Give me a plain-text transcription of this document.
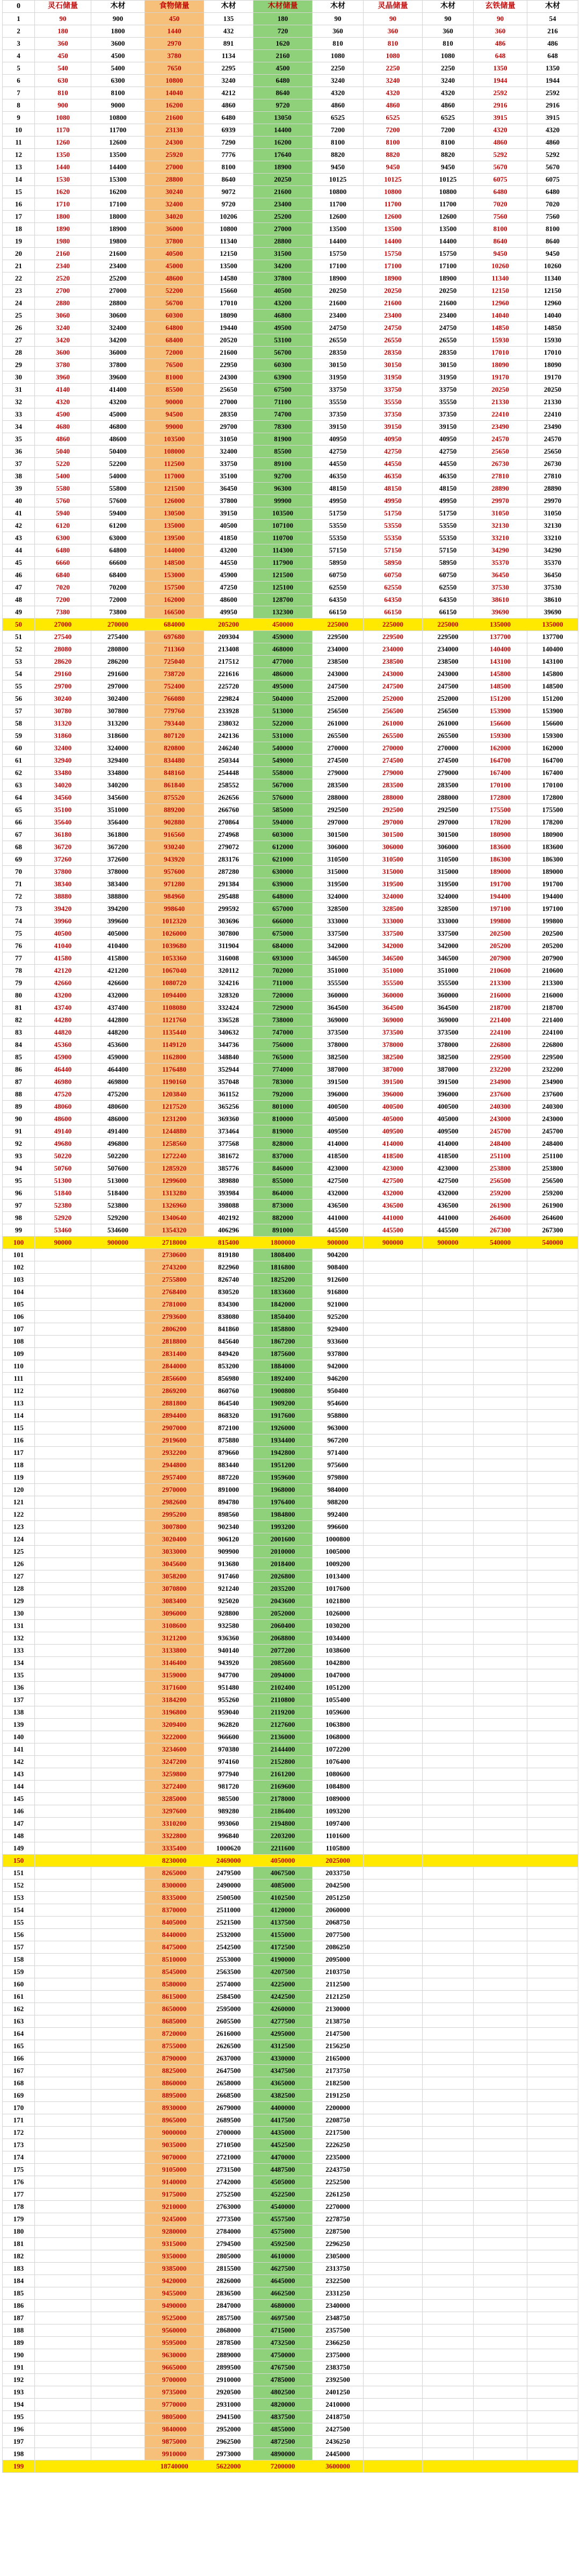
0	灵石储量	木材	食物储量	木材	木材储量	木材	灵晶储量	木材	玄铁储量	木材
1	90	900	450	135	180	90	90	90	90	54
2	180	1800	1440	432	720	360	360	360	360	216
3	360	3600	2970	891	1620	810	810	810	486	486
4	450	4500	3780	1134	2160	1080	1080	1080	648	648
5	540	5400	7650	2295	4500	2250	2250	2250	1350	1350
6	630	6300	10800	3240	6480	3240	3240	3240	1944	1944
7	810	8100	14040	4212	8640	4320	4320	4320	2592	2592
8	900	9000	16200	4860	9720	4860	4860	4860	2916	2916
9	1080	10800	21600	6480	13050	6525	6525	6525	3915	3915
10	1170	11700	23130	6939	14400	7200	7200	7200	4320	4320
11	1260	12600	24300	7290	16200	8100	8100	8100	4860	4860
12	1350	13500	25920	7776	17640	8820	8820	8820	5292	5292
13	1440	14400	27000	8100	18900	9450	9450	9450	5670	5670
14	1530	15300	28800	8640	20250	10125	10125	10125	6075	6075
15	1620	16200	30240	9072	21600	10800	10800	10800	6480	6480
16	1710	17100	32400	9720	23400	11700	11700	11700	7020	7020
17	1800	18000	34020	10206	25200	12600	12600	12600	7560	7560
18	1890	18900	36000	10800	27000	13500	13500	13500	8100	8100
19	1980	19800	37800	11340	28800	14400	14400	14400	8640	8640
20	2160	21600	40500	12150	31500	15750	15750	15750	9450	9450
21	2340	23400	45000	13500	34200	17100	17100	17100	10260	10260
22	2520	25200	48600	14580	37800	18900	18900	18900	11340	11340
23	2700	27000	52200	15660	40500	20250	20250	20250	12150	12150
24	2880	28800	56700	17010	43200	21600	21600	21600	12960	12960
25	3060	30600	60300	18090	46800	23400	23400	23400	14040	14040
26	3240	32400	64800	19440	49500	24750	24750	24750	14850	14850
27	3420	34200	68400	20520	53100	26550	26550	26550	15930	15930
28	3600	36000	72000	21600	56700	28350	28350	28350	17010	17010
29	3780	37800	76500	22950	60300	30150	30150	30150	18090	18090
30	3960	39600	81000	24300	63900	31950	31950	31950	19170	19170
31	4140	41400	85500	25650	67500	33750	33750	33750	20250	20250
32	4320	43200	90000	27000	71100	35550	35550	35550	21330	21330
33	4500	45000	94500	28350	74700	37350	37350	37350	22410	22410
34	4680	46800	99000	29700	78300	39150	39150	39150	23490	23490
35	4860	48600	103500	31050	81900	40950	40950	40950	24570	24570
36	5040	50400	108000	32400	85500	42750	42750	42750	25650	25650
37	5220	52200	112500	33750	89100	44550	44550	44550	26730	26730
38	5400	54000	117000	35100	92700	46350	46350	46350	27810	27810
39	5580	55800	121500	36450	96300	48150	48150	48150	28890	28890
40	5760	57600	126000	37800	99900	49950	49950	49950	29970	29970
41	5940	59400	130500	39150	103500	51750	51750	51750	31050	31050
42	6120	61200	135000	40500	107100	53550	53550	53550	32130	32130
43	6300	63000	139500	41850	110700	55350	55350	55350	33210	33210
44	6480	64800	144000	43200	114300	57150	57150	57150	34290	34290
45	6660	66600	148500	44550	117900	58950	58950	58950	35370	35370
46	6840	68400	153000	45900	121500	60750	60750	60750	36450	36450
47	7020	70200	157500	47250	125100	62550	62550	62550	37530	37530
48	7200	72000	162000	48600	128700	64350	64350	64350	38610	38610
49	7380	73800	166500	49950	132300	66150	66150	66150	39690	39690
50	27000	270000	684000	205200	450000	225000	225000	225000	135000	135000
51	27540	275400	697680	209304	459000	229500	229500	229500	137700	137700
52	28080	280800	711360	213408	468000	234000	234000	234000	140400	140400
53	28620	286200	725040	217512	477000	238500	238500	238500	143100	143100
54	29160	291600	738720	221616	486000	243000	243000	243000	145800	145800
55	29700	297000	752400	225720	495000	247500	247500	247500	148500	148500
56	30240	302400	766080	229824	504000	252000	252000	252000	151200	151200
57	30780	307800	779760	233928	513000	256500	256500	256500	153900	153900
58	31320	313200	793440	238032	522000	261000	261000	261000	156600	156600
59	31860	318600	807120	242136	531000	265500	265500	265500	159300	159300
60	32400	324000	820800	246240	540000	270000	270000	270000	162000	162000
61	32940	329400	834480	250344	549000	274500	274500	274500	164700	164700
62	33480	334800	848160	254448	558000	279000	279000	279000	167400	167400
63	34020	340200	861840	258552	567000	283500	283500	283500	170100	170100
64	34560	345600	875520	262656	576000	288000	288000	288000	172800	172800
65	35100	351000	889200	266760	585000	292500	292500	292500	175500	175500
66	35640	356400	902880	270864	594000	297000	297000	297000	178200	178200
67	36180	361800	916560	274968	603000	301500	301500	301500	180900	180900
68	36720	367200	930240	279072	612000	306000	306000	306000	183600	183600
69	37260	372600	943920	283176	621000	310500	310500	310500	186300	186300
70	37800	378000	957600	287280	630000	315000	315000	315000	189000	189000
71	38340	383400	971280	291384	639000	319500	319500	319500	191700	191700
72	38880	388800	984960	295488	648000	324000	324000	324000	194400	194400
73	39420	394200	998640	299592	657000	328500	328500	328500	197100	197100
74	39960	399600	1012320	303696	666000	333000	333000	333000	199800	199800
75	40500	405000	1026000	307800	675000	337500	337500	337500	202500	202500
76	41040	410400	1039680	311904	684000	342000	342000	342000	205200	205200
77	41580	415800	1053360	316008	693000	346500	346500	346500	207900	207900
78	42120	421200	1067040	320112	702000	351000	351000	351000	210600	210600
79	42660	426600	1080720	324216	711000	355500	355500	355500	213300	213300
80	43200	432000	1094400	328320	720000	360000	360000	360000	216000	216000
81	43740	437400	1108080	332424	729000	364500	364500	364500	218700	218700
82	44280	442800	1121760	336528	738000	369000	369000	369000	221400	221400
83	44820	448200	1135440	340632	747000	373500	373500	373500	224100	224100
84	45360	453600	1149120	344736	756000	378000	378000	378000	226800	226800
85	45900	459000	1162800	348840	765000	382500	382500	382500	229500	229500
86	46440	464400	1176480	352944	774000	387000	387000	387000	232200	232200
87	46980	469800	1190160	357048	783000	391500	391500	391500	234900	234900
88	47520	475200	1203840	361152	792000	396000	396000	396000	237600	237600
89	48060	480600	1217520	365256	801000	400500	400500	400500	240300	240300
90	48600	486000	1231200	369360	810000	405000	405000	405000	243000	243000
91	49140	491400	1244880	373464	819000	409500	409500	409500	245700	245700
92	49680	496800	1258560	377568	828000	414000	414000	414000	248400	248400
93	50220	502200	1272240	381672	837000	418500	418500	418500	251100	251100
94	50760	507600	1285920	385776	846000	423000	423000	423000	253800	253800
95	51300	513000	1299600	389880	855000	427500	427500	427500	256500	256500
96	51840	518400	1313280	393984	864000	432000	432000	432000	259200	259200
97	52380	523800	1326960	398088	873000	436500	436500	436500	261900	261900
98	52920	529200	1340640	402192	882000	441000	441000	441000	264600	264600
99	53460	534600	1354320	406296	891000	445500	445500	445500	267300	267300
100	90000	900000	2718000	815400	1800000	900000	900000	900000	540000	540000
101			2730600	819180	1808400	904200				
102			2743200	822960	1816800	908400				
103			2755800	826740	1825200	912600				
104			2768400	830520	1833600	916800				
105			2781000	834300	1842000	921000				
106			2793600	838080	1850400	925200				
107			2806200	841860	1858800	929400				
108			2818800	845640	1867200	933600				
109			2831400	849420	1875600	937800				
110			2844000	853200	1884000	942000				
111			2856600	856980	1892400	946200				
112			2869200	860760	1900800	950400				
113			2881800	864540	1909200	954600				
114			2894400	868320	1917600	958800				
115			2907000	872100	1926000	963000				
116			2919600	875880	1934400	967200				
117			2932200	879660	1942800	971400				
118			2944800	883440	1951200	975600				
119			2957400	887220	1959600	979800				
120			2970000	891000	1968000	984000				
121			2982600	894780	1976400	988200				
122			2995200	898560	1984800	992400				
123			3007800	902340	1993200	996600				
124			3020400	906120	2001600	1000800				
125			3033000	909900	2010000	1005000				
126			3045600	913680	2018400	1009200				
127			3058200	917460	2026800	1013400				
128			3070800	921240	2035200	1017600				
129			3083400	925020	2043600	1021800				
130			3096000	928800	2052000	1026000				
131			3108600	932580	2060400	1030200				
132			3121200	936360	2068800	1034400				
133			3133800	940140	2077200	1038600				
134			3146400	943920	2085600	1042800				
135			3159000	947700	2094000	1047000				
136			3171600	951480	2102400	1051200				
137			3184200	955260	2110800	1055400				
138			3196800	959040	2119200	1059600				
139			3209400	962820	2127600	1063800				
140			3222000	966600	2136000	1068000				
141			3234600	970380	2144400	1072200				
142			3247200	974160	2152800	1076400				
143			3259800	977940	2161200	1080600				
144			3272400	981720	2169600	1084800				
145			3285000	985500	2178000	1089000				
146			3297600	989280	2186400	1093200				
147			3310200	993060	2194800	1097400				
148			3322800	996840	2203200	1101600				
149			3335400	1000620	2211600	1105800				
150			8230000	2469000	4050000	2025000				
151			8265000	2479500	4067500	2033750				
152			8300000	2490000	4085000	2042500				
153			8335000	2500500	4102500	2051250				
154			8370000	2511000	4120000	2060000				
155			8405000	2521500	4137500	2068750				
156			8440000	2532000	4155000	2077500				
157			8475000	2542500	4172500	2086250				
158			8510000	2553000	4190000	2095000				
159			8545000	2563500	4207500	2103750				
160			8580000	2574000	4225000	2112500				
161			8615000	2584500	4242500	2121250				
162			8650000	2595000	4260000	2130000				
163			8685000	2605500	4277500	2138750				
164			8720000	2616000	4295000	2147500				
165			8755000	2626500	4312500	2156250				
166			8790000	2637000	4330000	2165000				
167			8825000	2647500	4347500	2173750				
168			8860000	2658000	4365000	2182500				
169			8895000	2668500	4382500	2191250				
170			8930000	2679000	4400000	2200000				
171			8965000	2689500	4417500	2208750				
172			9000000	2700000	4435000	2217500				
173			9035000	2710500	4452500	2226250				
174			9070000	2721000	4470000	2235000				
175			9105000	2731500	4487500	2243750				
176			9140000	2742000	4505000	2252500				
177			9175000	2752500	4522500	2261250				
178			9210000	2763000	4540000	2270000				
179			9245000	2773500	4557500	2278750				
180			9280000	2784000	4575000	2287500				
181			9315000	2794500	4592500	2296250				
182			9350000	2805000	4610000	2305000				
183			9385000	2815500	4627500	2313750				
184			9420000	2826000	4645000	2322500				
185			9455000	2836500	4662500	2331250				
186			9490000	2847000	4680000	2340000				
187			9525000	2857500	4697500	2348750				
188			9560000	2868000	4715000	2357500				
189			9595000	2878500	4732500	2366250				
190			9630000	2889000	4750000	2375000				
191			9665000	2899500	4767500	2383750				
192			9700000	2910000	4785000	2392500				
193			9735000	2920500	4802500	2401250				
194			9770000	2931000	4820000	2410000				
195			9805000	2941500	4837500	2418750				
196			9840000	2952000	4855000	2427500				
197			9875000	2962500	4872500	2436250				
198			9910000	2973000	4890000	2445000				
199			18740000	5622000	7200000	3600000				
